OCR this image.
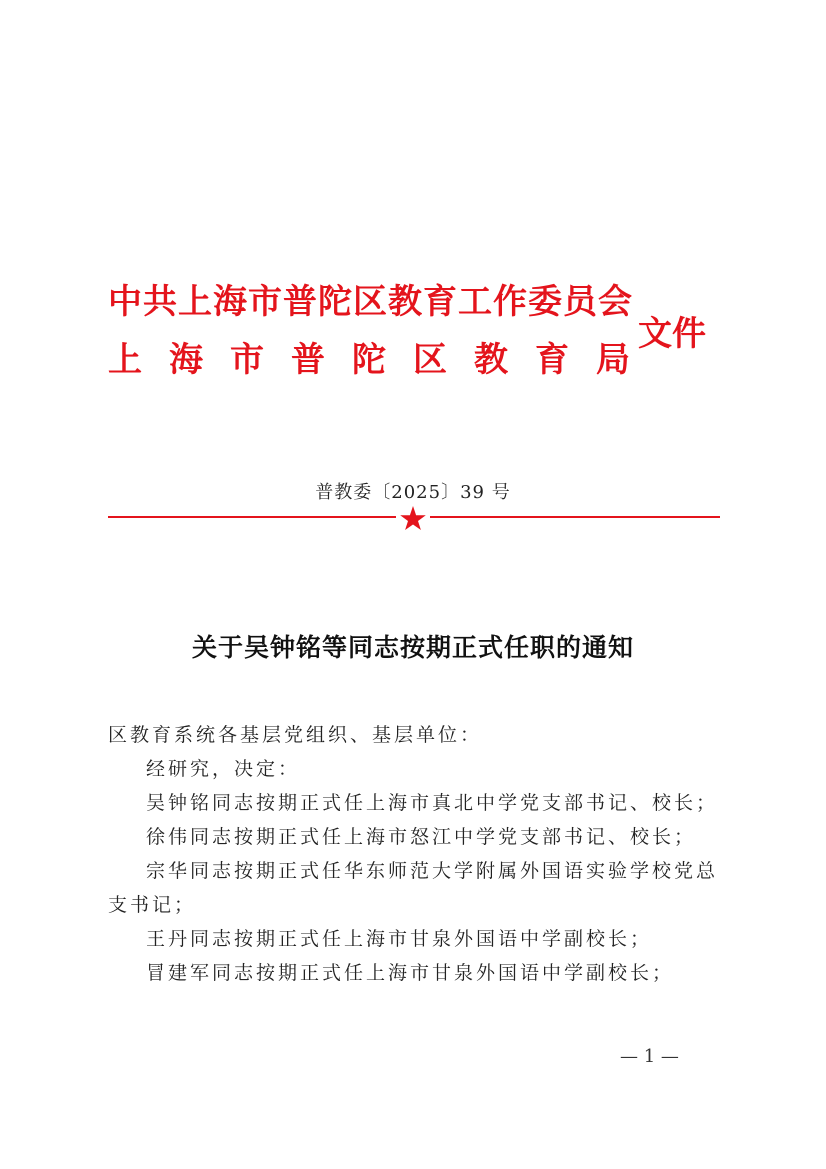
中共上海市普陀区教育工作委员会
上海市普陀区教育局
文件
普教委〔2025〕39 号
关于吴钟铭等同志按期正式任职的通知

区教育系统各基层党组织、基层单位：

经研究，决定：

吴钟铭同志按期正式任上海市真北中学党支部书记、校长；

徐伟同志按期正式任上海市怒江中学党支部书记、校长；

宗华同志按期正式任华东师范大学附属外国语实验学校党总支书记；

王丹同志按期正式任上海市甘泉外国语中学副校长；

冒建军同志按期正式任上海市甘泉外国语中学副校长；

— 1 —
